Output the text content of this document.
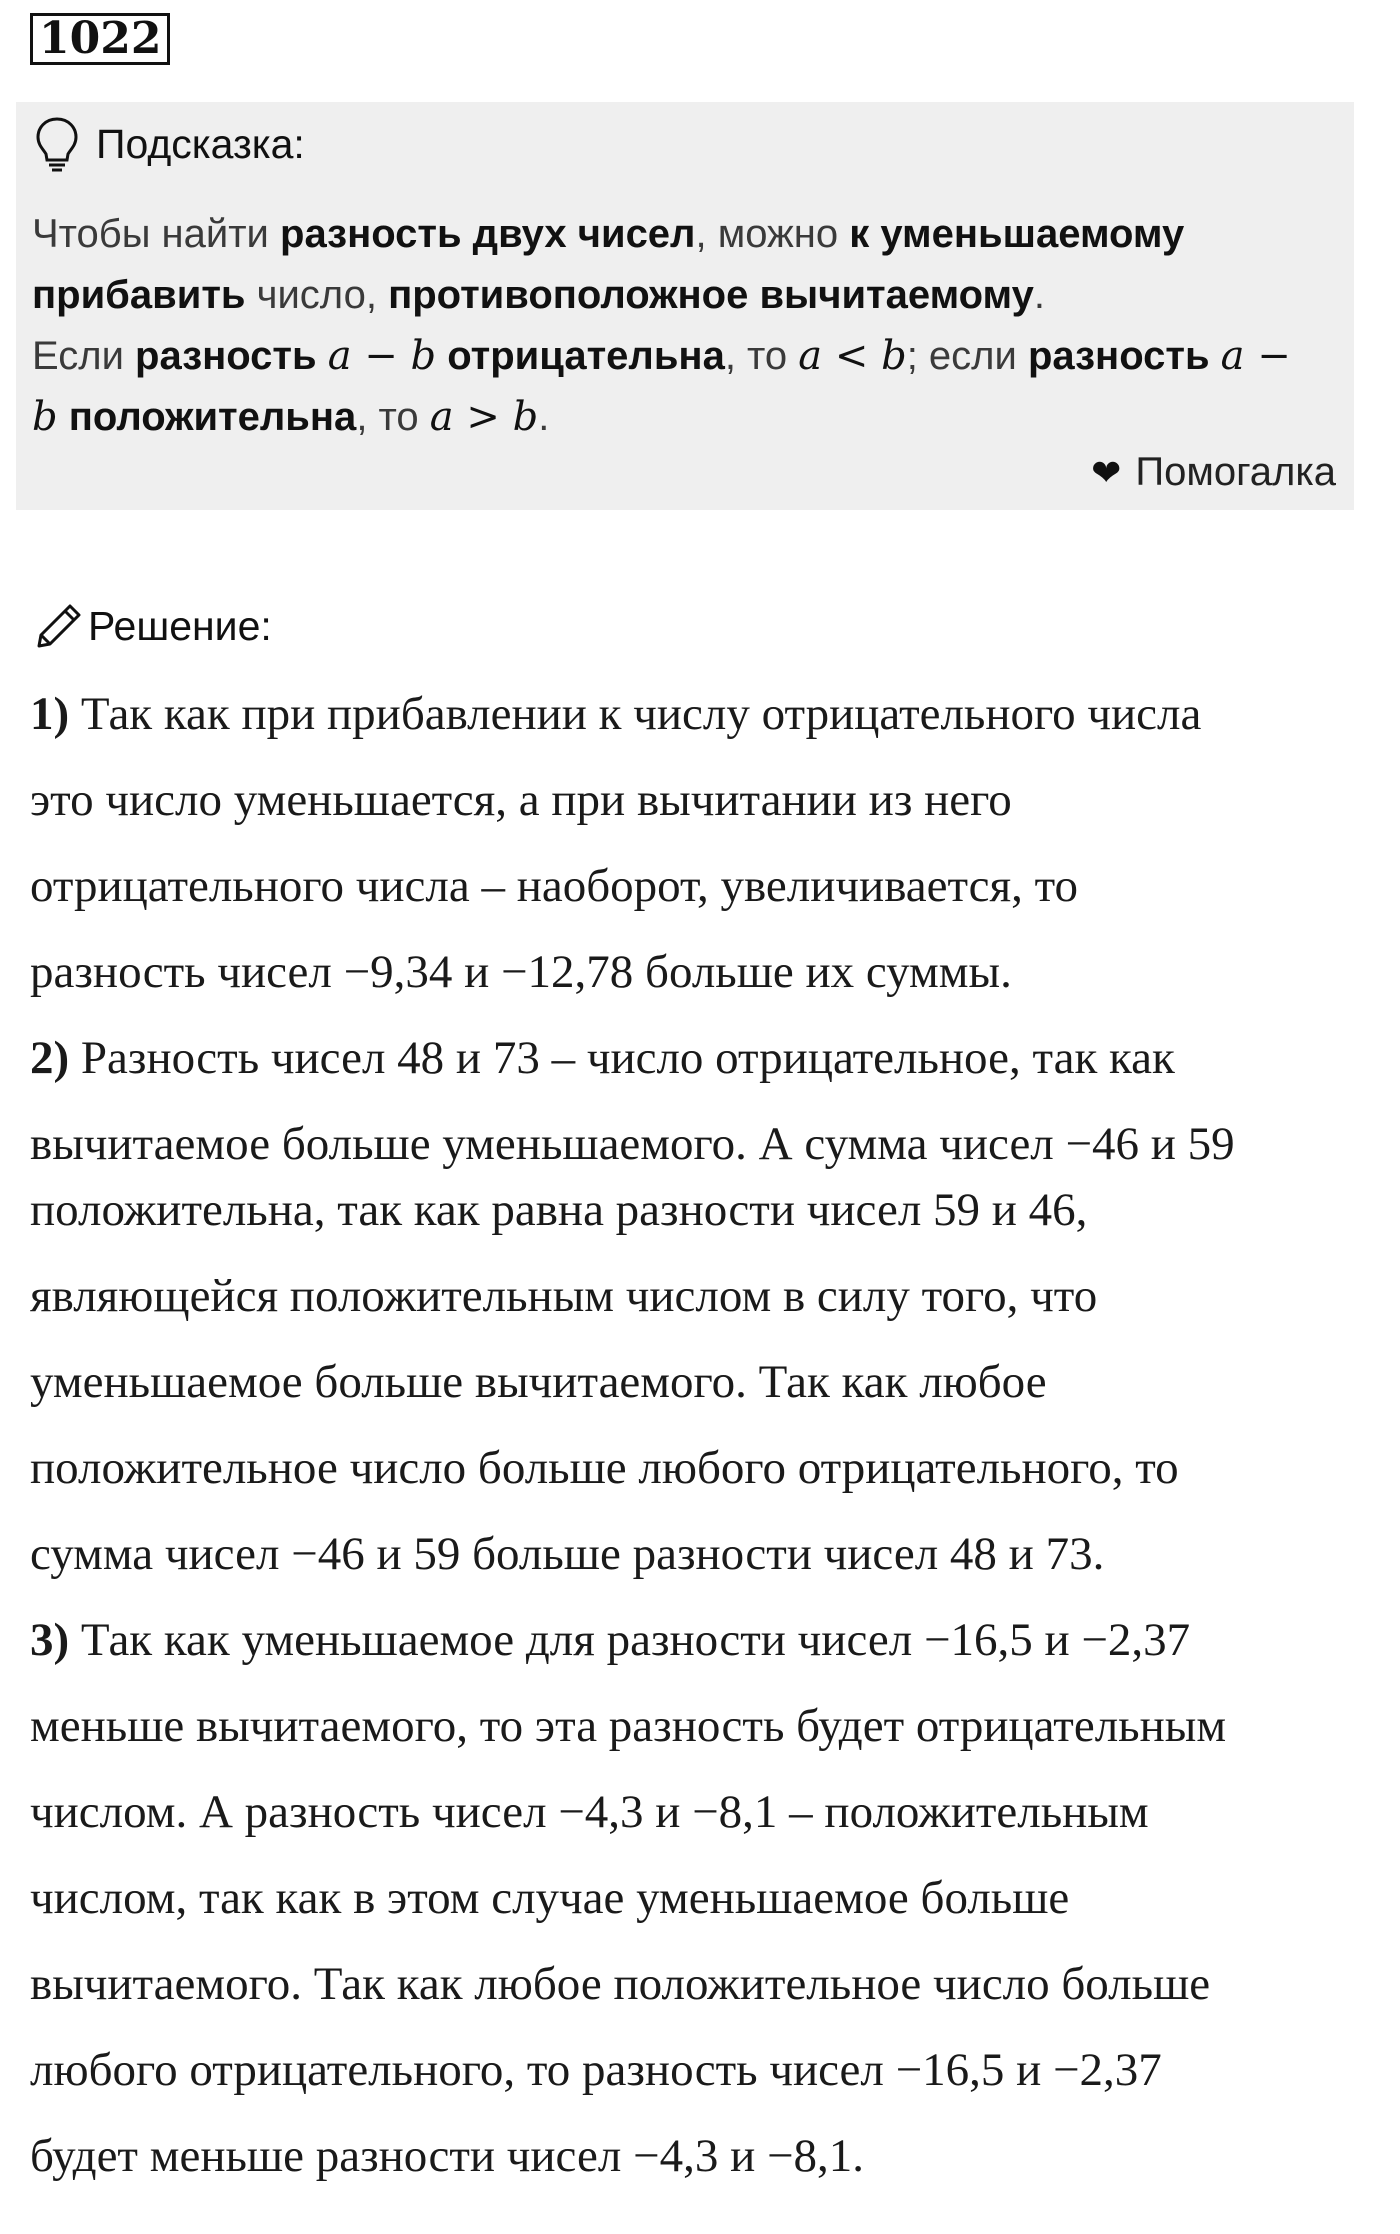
1022
Подсказка:
Чтобы найти разность двух чисел, можно к уменьшаемому
прибавить число, противоположное вычитаемому.
Если разность a − b отрицательна, то a < b; если разность a −
b положительна, то a > b.
❤ Помогалка
Решение:
1) Так как при прибавлении к числу отрицательного числа
это число уменьшается, а при вычитании из него
отрицательного числа – наоборот, увеличивается, то
разность чисел −9,34 и −12,78 больше их суммы.
2) Разность чисел 48 и 73 – число отрицательное, так как
вычитаемое больше уменьшаемого. А сумма чисел −46 и 59
положительна, так как равна разности чисел 59 и 46,
являющейся положительным числом в силу того, что
уменьшаемое больше вычитаемого. Так как любое
положительное число больше любого отрицательного, то
сумма чисел −46 и 59 больше разности чисел 48 и 73.
3) Так как уменьшаемое для разности чисел −16,5 и −2,37
меньше вычитаемого, то эта разность будет отрицательным
числом. А разность чисел −4,3 и −8,1 – положительным
числом, так как в этом случае уменьшаемое больше
вычитаемого. Так как любое положительное число больше
любого отрицательного, то разность чисел −16,5 и −2,37
будет меньше разности чисел −4,3 и −8,1.
